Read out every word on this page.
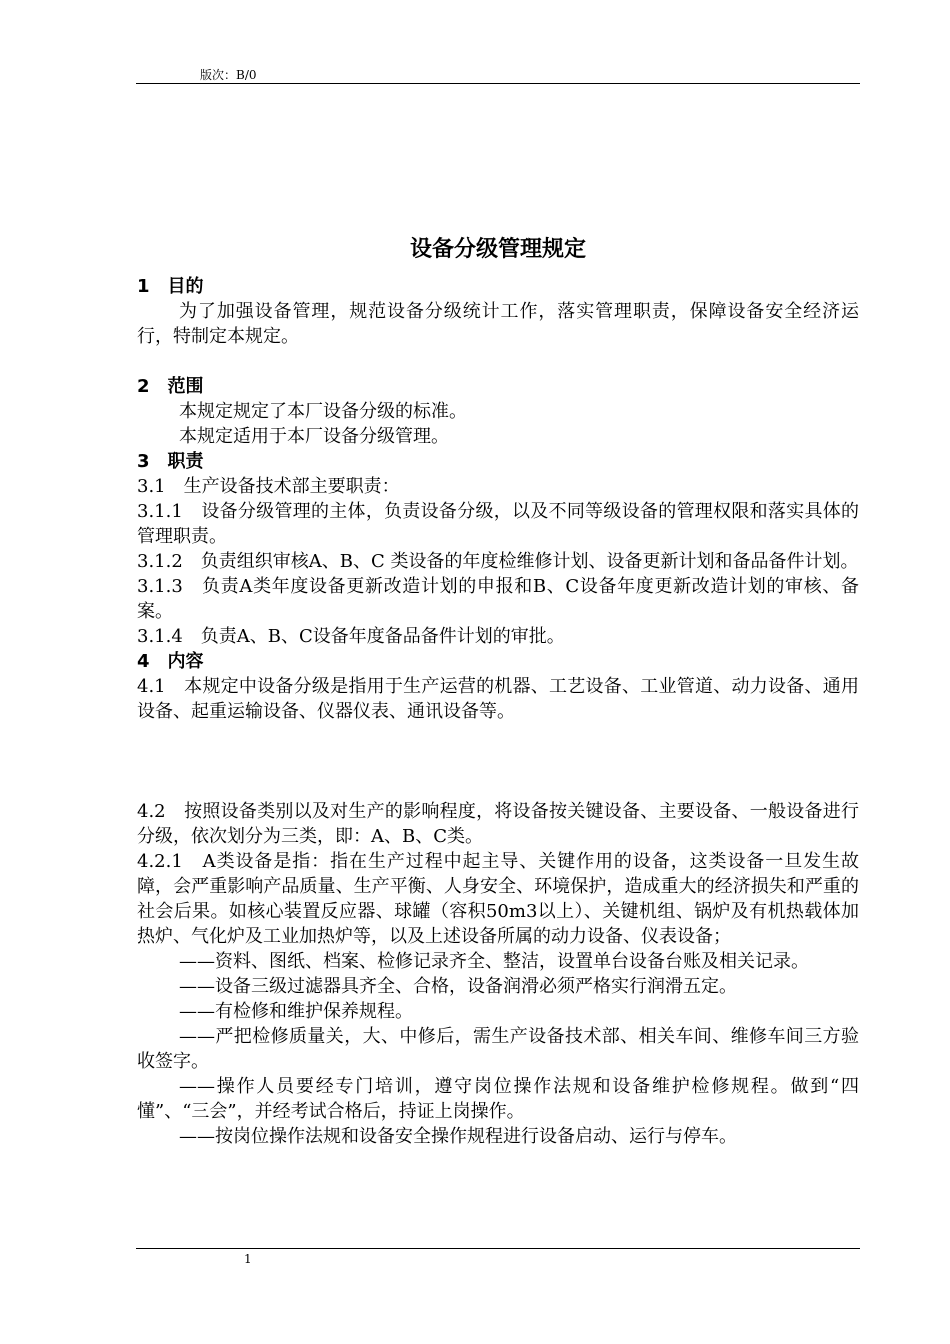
版次：B/0
设备分级管理规定
1　目的
为了加强设备管理，规范设备分级统计工作，落实管理职责，保障设备安全经济运行，特制定本规定。
2　范围
本规定规定了本厂设备分级的标准。
本规定适用于本厂设备分级管理。
3　职责
3.1　生产设备技术部主要职责：
3.1.1　设备分级管理的主体，负责设备分级，以及不同等级设备的管理权限和落实具体的管理职责。
3.1.2　负责组织审核A、B、C 类设备的年度检维修计划、设备更新计划和备品备件计划。
3.1.3　负责A类年度设备更新改造计划的申报和B、C设备年度更新改造计划的审核、备案。
3.1.4　负责A、B、C设备年度备品备件计划的审批。
4　内容
4.1　本规定中设备分级是指用于生产运营的机器、工艺设备、工业管道、动力设备、通用设备、起重运输设备、仪器仪表、通讯设备等。
4.2　按照设备类别以及对生产的影响程度，将设备按关键设备、主要设备、一般设备进行分级，依次划分为三类，即：A、B、C类。
4.2.1　A类设备是指：指在生产过程中起主导、关键作用的设备，这类设备一旦发生故障，会严重影响产品质量、生产平衡、人身安全、环境保护，造成重大的经济损失和严重的社会后果。如核心装置反应器、球罐（容积50m3以上）、关键机组、锅炉及有机热载体加热炉、气化炉及工业加热炉等，以及上述设备所属的动力设备、仪表设备；
——资料、图纸、档案、检修记录齐全、整洁，设置单台设备台账及相关记录。
——设备三级过滤器具齐全、合格，设备润滑必须严格实行润滑五定。
——有检修和维护保养规程。
——严把检修质量关，大、中修后，需生产设备技术部、相关车间、维修车间三方验收签字。
——操作人员要经专门培训，遵守岗位操作法规和设备维护检修规程。做到“四懂”、“三会”，并经考试合格后，持证上岗操作。
——按岗位操作法规和设备安全操作规程进行设备启动、运行与停车。
1
